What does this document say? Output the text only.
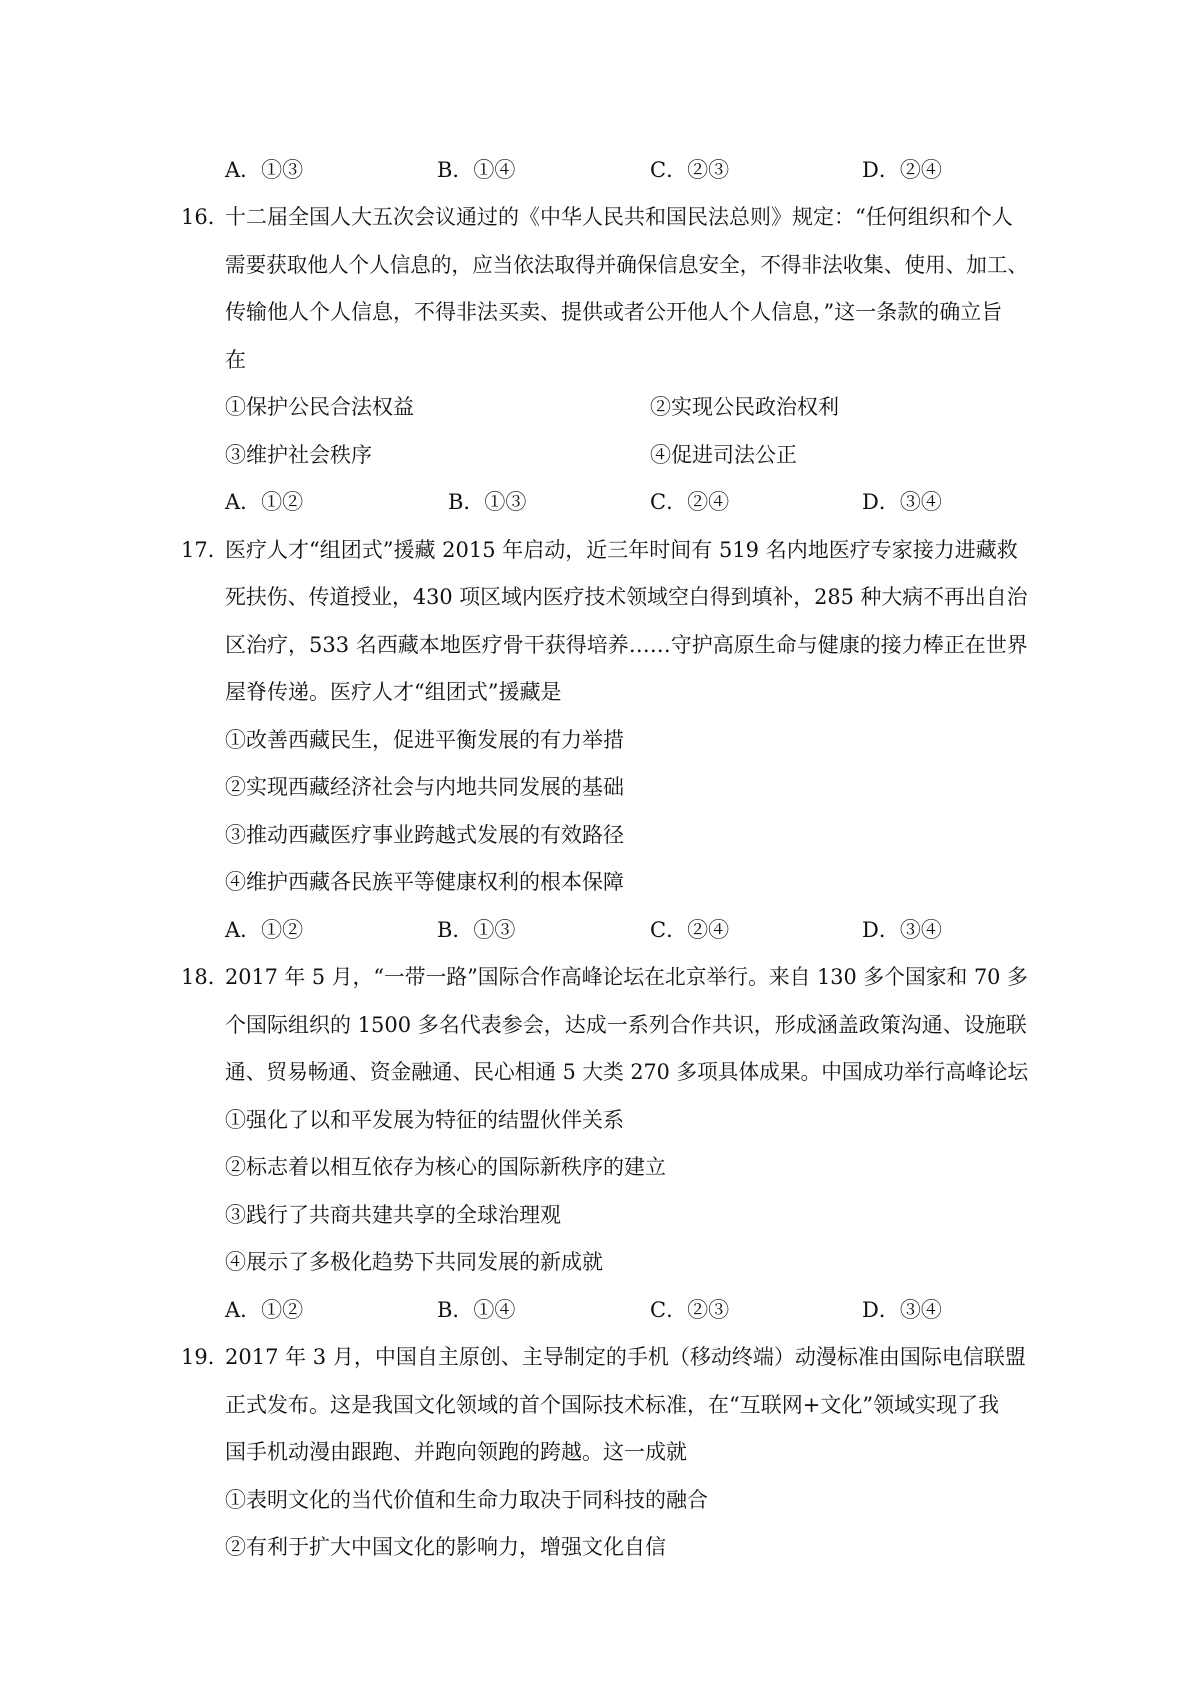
A．①③	B．①④	C．②③	D．②④
16．
十二届全国人大五次会议通过的《中华人民共和国民法总则》规定：“任何组织和个人
需要获取他人个人信息的，应当依法取得并确保信息安全，不得非法收集、使用、加工、
传输他人个人信息，不得非法买卖、提供或者公开他人个人信息，”这一条款的确立旨
在
①保护公民合法权益	②实现公民政治权利
③维护社会秩序	④促进司法公正
A．①②	B．①③	C．②④	D．③④
17．
医疗人才“组团式”援藏 2015 年启动，近三年时间有 519 名内地医疗专家接力进藏救
死扶伤、传道授业，430 项区域内医疗技术领域空白得到填补，285 种大病不再出自治
区治疗，533 名西藏本地医疗骨干获得培养……守护高原生命与健康的接力棒正在世界
屋脊传递。医疗人才“组团式”援藏是
①改善西藏民生，促进平衡发展的有力举措
②实现西藏经济社会与内地共同发展的基础
③推动西藏医疗事业跨越式发展的有效路径
④维护西藏各民族平等健康权利的根本保障
A．①②	B．①③	C．②④	D．③④
18．
2017 年 5 月，“一带一路”国际合作高峰论坛在北京举行。来自 130 多个国家和 70 多
个国际组织的 1500 多名代表参会，达成一系列合作共识，形成涵盖政策沟通、设施联
通、贸易畅通、资金融通、民心相通 5 大类 270 多项具体成果。中国成功举行高峰论坛
①强化了以和平发展为特征的结盟伙伴关系
②标志着以相互依存为核心的国际新秩序的建立
③践行了共商共建共享的全球治理观
④展示了多极化趋势下共同发展的新成就
A．①②	B．①④	C．②③	D．③④
19．
2017 年 3 月，中国自主原创、主导制定的手机（移动终端）动漫标准由国际电信联盟
正式发布。这是我国文化领域的首个国际技术标准，在“互联网+文化”领域实现了我
国手机动漫由跟跑、并跑向领跑的跨越。这一成就
①表明文化的当代价值和生命力取决于同科技的融合
②有利于扩大中国文化的影响力，增强文化自信
